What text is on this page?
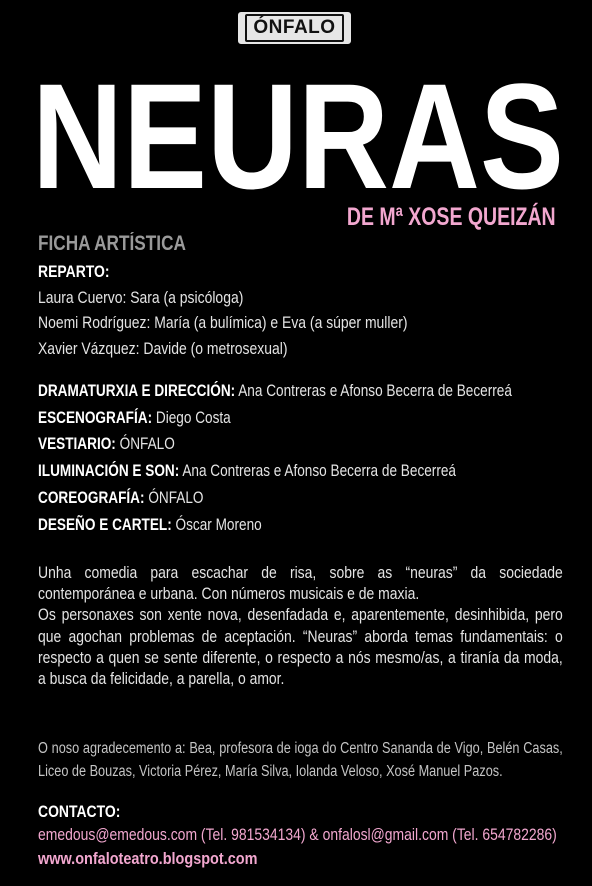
ÓNFALO
NEURAS
DE Mª XOSE QUEIZÁN
FICHA ARTÍSTICA
REPARTO:
Laura Cuervo: Sara (a psicóloga)
Noemi Rodríguez: María (a bulímica) e Eva (a súper muller)
Xavier Vázquez: Davide (o metrosexual)
DRAMATURXIA E DIRECCIÓN: Ana Contreras e Afonso Becerra de Becerreá
ESCENOGRAFÍA: Diego Costa
VESTIARIO: ÓNFALO
ILUMINACIÓN E SON: Ana Contreras e Afonso Becerra de Becerreá
COREOGRAFÍA: ÓNFALO
DESEÑO E CARTEL: Óscar Moreno

Unha comedia para escachar de risa, sobre as “neuras” da sociedade contemporánea e urbana. Con números musicais e de maxia.

Os personaxes son xente nova, desenfadada e, aparentemente, desinhibida, pero que agochan problemas de aceptación. “Neuras” aborda temas fundamentais: o respecto a quen se sente diferente, o respecto a nós mesmo/as, a tiranía da moda, a busca da felicidade, a parella, o amor.

O noso agradecemento a: Bea, profesora de ioga do Centro Sananda de Vigo, Belén Casas, Liceo de Bouzas, Victoria Pérez, María Silva, Iolanda Veloso, Xosé Manuel Pazos.
CONTACTO:
emedous@emedous.com (Tel. 981534134) & onfalosl@gmail.com (Tel. 654782286)
www.onfaloteatro.blogspot.com
